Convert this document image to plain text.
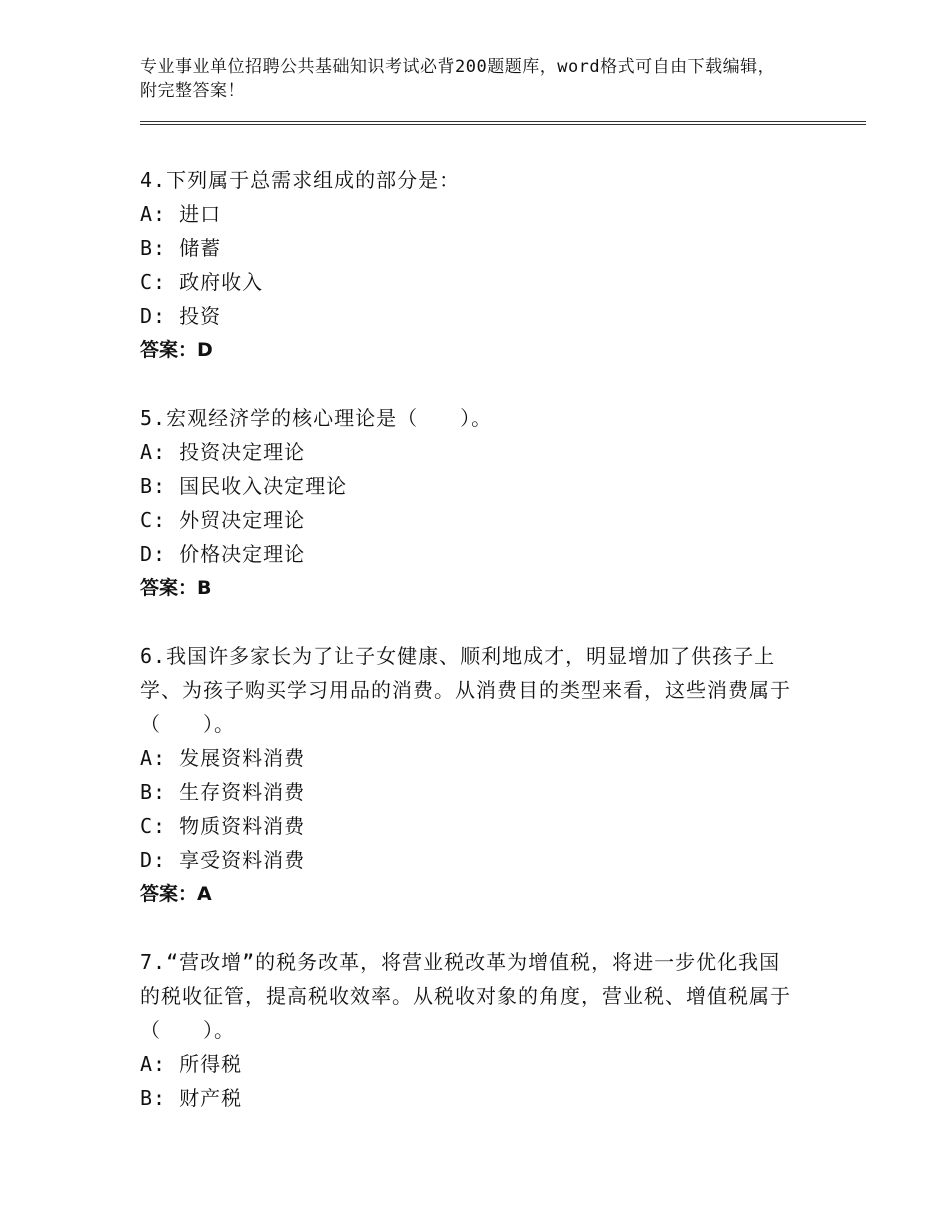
专业事业单位招聘公共基础知识考试必背200题题库，word格式可自由下载编辑，附完整答案！
4.下列属于总需求组成的部分是：
A: 进口
B: 储蓄
C: 政府收入
D: 投资
答案：D
5.宏观经济学的核心理论是（　　）。
A: 投资决定理论
B: 国民收入决定理论
C: 外贸决定理论
D: 价格决定理论
答案：B
6.我国许多家长为了让子女健康、顺利地成才，明显增加了供孩子上学、为孩子购买学习用品的消费。从消费目的类型来看，这些消费属于（　　）。
A: 发展资料消费
B: 生存资料消费
C: 物质资料消费
D: 享受资料消费
答案：A
7.“营改增”的税务改革，将营业税改革为增值税，将进一步优化我国的税收征管，提高税收效率。从税收对象的角度，营业税、增值税属于（　　）。
A: 所得税
B: 财产税
